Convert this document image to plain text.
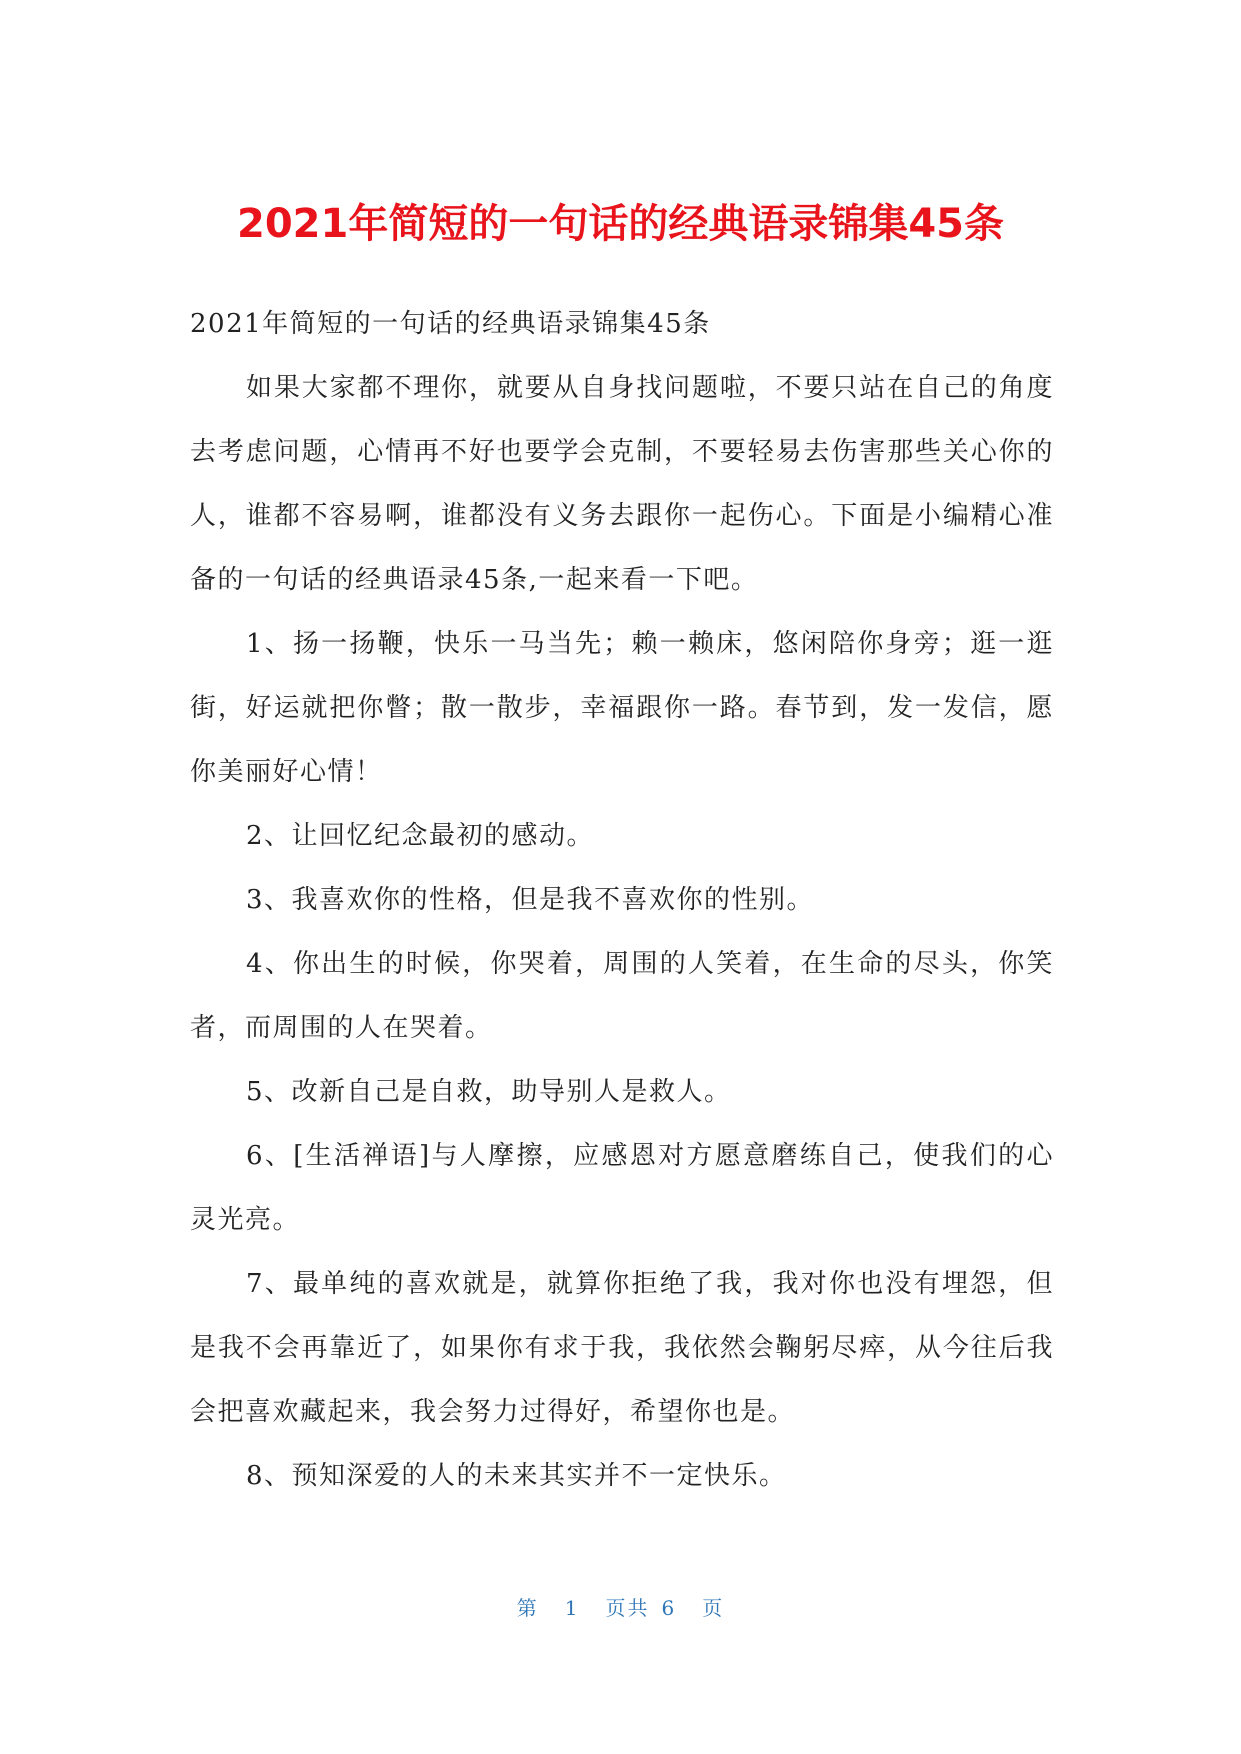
2021年简短的一句话的经典语录锦集45条

2021年简短的一句话的经典语录锦集45条

如果大家都不理你，就要从自身找问题啦，不要只站在自己的角度去考虑问题，心情再不好也要学会克制，不要轻易去伤害那些关心你的人，谁都不容易啊，谁都没有义务去跟你一起伤心。下面是小编精心准备的一句话的经典语录45条,一起来看一下吧。

1、扬一扬鞭，快乐一马当先；赖一赖床，悠闲陪你身旁；逛一逛街，好运就把你瞥；散一散步，幸福跟你一路。春节到，发一发信，愿你美丽好心情！

2、让回忆纪念最初的感动。

3、我喜欢你的性格，但是我不喜欢你的性别。

4、你出生的时候，你哭着，周围的人笑着，在生命的尽头，你笑者，而周围的人在哭着。

5、改新自己是自救，助导别人是救人。

6、[生活禅语]与人摩擦，应感恩对方愿意磨练自己，使我们的心灵光亮。

7、最单纯的喜欢就是，就算你拒绝了我，我对你也没有埋怨，但是我不会再靠近了，如果你有求于我，我依然会鞠躬尽瘁，从今往后我会把喜欢藏起来，我会努力过得好，希望你也是。

8、预知深爱的人的未来其实并不一定快乐。

第 1 页共 6 页
